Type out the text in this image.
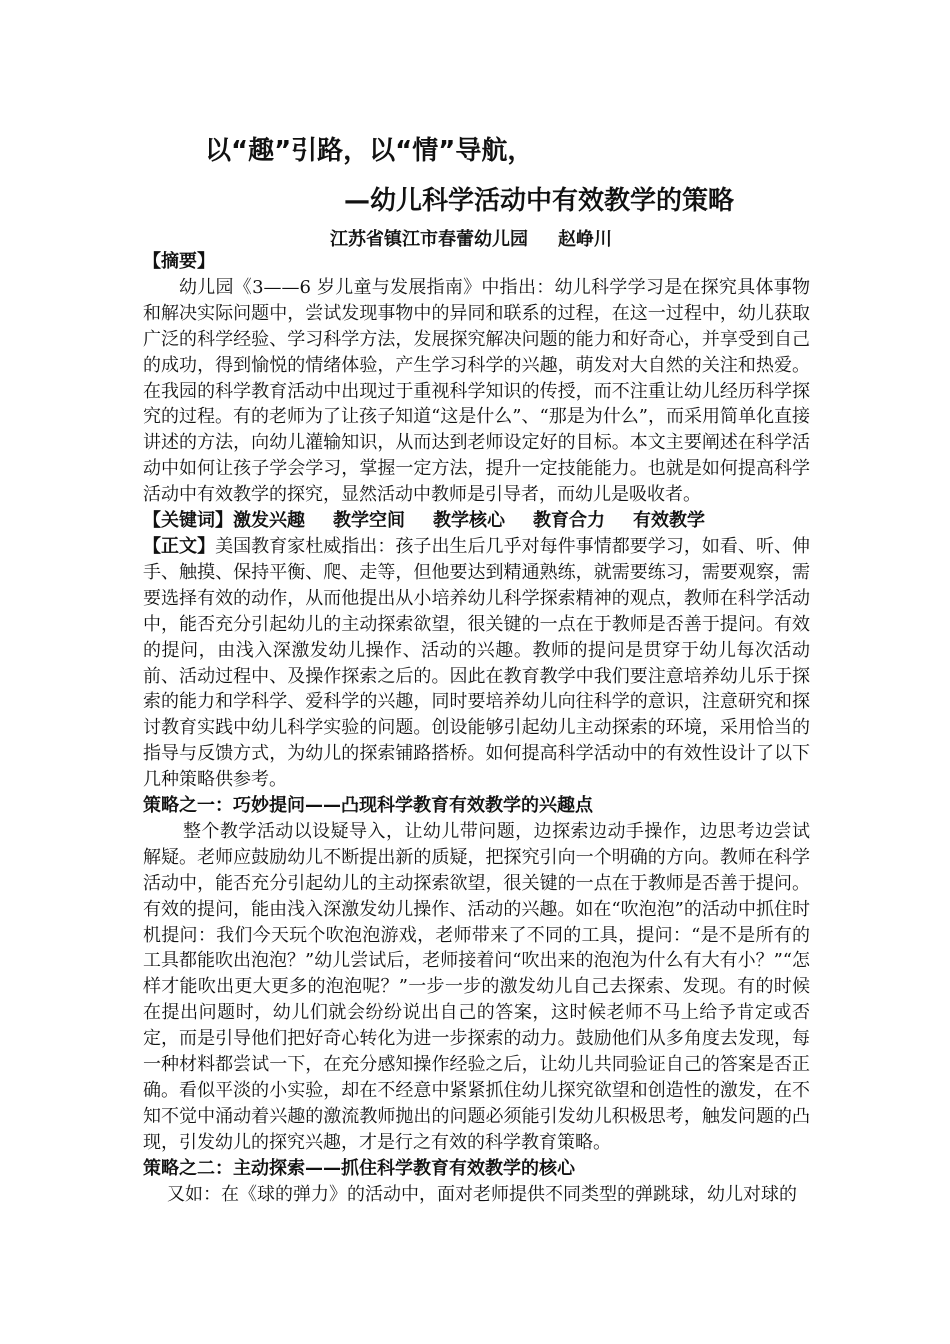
以“趣”引路，以“情”导航，
—幼儿科学活动中有效教学的策略
江苏省镇江市春蕾幼儿园 赵峥川

【摘要】

幼儿园《3——6 岁儿童与发展指南》中指出：幼儿科学学习是在探究具体事物和解决实际问题中，尝试发现事物中的异同和联系的过程，在这一过程中，幼儿获取广泛的科学经验、学习科学方法，发展探究解决问题的能力和好奇心，并享受到自己的成功，得到愉悦的情绪体验，产生学习科学的兴趣，萌发对大自然的关注和热爱。在我园的科学教育活动中出现过于重视科学知识的传授，而不注重让幼儿经历科学探究的过程。有的老师为了让孩子知道“这是什么”、“那是为什么”，而采用简单化直接讲述的方法，向幼儿灌输知识，从而达到老师设定好的目标。本文主要阐述在科学活动中如何让孩子学会学习，掌握一定方法，提升一定技能能力。也就是如何提高科学活动中有效教学的探究，显然活动中教师是引导者，而幼儿是吸收者。

【关键词】激发兴趣 教学空间 教学核心 教育合力 有效教学

【正文】美国教育家杜威指出：孩子出生后几乎对每件事情都要学习，如看、听、伸手、触摸、保持平衡、爬、走等，但他要达到精通熟练，就需要练习，需要观察，需要选择有效的动作，从而他提出从小培养幼儿科学探索精神的观点，教师在科学活动中，能否充分引起幼儿的主动探索欲望，很关键的一点在于教师是否善于提问。有效的提问，由浅入深激发幼儿操作、活动的兴趣。教师的提问是贯穿于幼儿每次活动前、活动过程中、及操作探索之后的。因此在教育教学中我们要注意培养幼儿乐于探索的能力和学科学、爱科学的兴趣，同时要培养幼儿向往科学的意识，注意研究和探讨教育实践中幼儿科学实验的问题。创设能够引起幼儿主动探索的环境，采用恰当的指导与反馈方式，为幼儿的探索铺路搭桥。如何提高科学活动中的有效性设计了以下几种策略供参考。

策略之一：巧妙提问——凸现科学教育有效教学的兴趣点

整个教学活动以设疑导入，让幼儿带问题，边探索边动手操作，边思考边尝试解疑。老师应鼓励幼儿不断提出新的质疑，把探究引向一个明确的方向。教师在科学活动中，能否充分引起幼儿的主动探索欲望，很关键的一点在于教师是否善于提问。有效的提问，能由浅入深激发幼儿操作、活动的兴趣。如在“吹泡泡”的活动中抓住时机提问：我们今天玩个吹泡泡游戏，老师带来了不同的工具，提问：“是不是所有的工具都能吹出泡泡？”幼儿尝试后，老师接着问“吹出来的泡泡为什么有大有小？”“怎样才能吹出更大更多的泡泡呢？”一步一步的激发幼儿自己去探索、发现。有的时候在提出问题时，幼儿们就会纷纷说出自己的答案，这时候老师不马上给予肯定或否定，而是引导他们把好奇心转化为进一步探索的动力。鼓励他们从多角度去发现，每一种材料都尝试一下，在充分感知操作经验之后，让幼儿共同验证自己的答案是否正确。看似平淡的小实验，却在不经意中紧紧抓住幼儿探究欲望和创造性的激发，在不知不觉中涌动着兴趣的激流教师抛出的问题必须能引发幼儿积极思考，触发问题的凸现，引发幼儿的探究兴趣，才是行之有效的科学教育策略。

策略之二：主动探索——抓住科学教育有效教学的核心

又如：在《球的弹力》的活动中，面对老师提供不同类型的弹跳球，幼儿对球的
